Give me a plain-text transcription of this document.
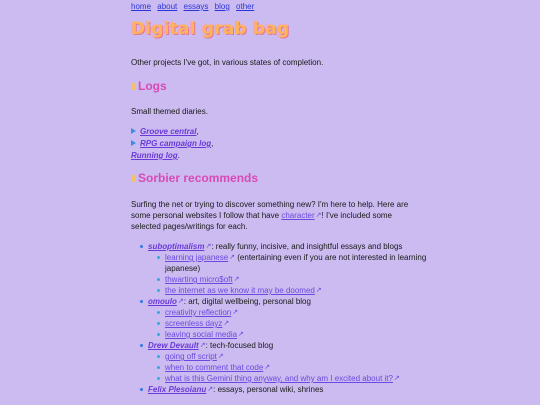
home about essays blog other
Digital grab bag
Other projects I've got, in various states of completion.
Logs
Small themed diaries.
Groove central,
RPG campaign log,
Running log.
Sorbier recommends
Surfing the net or trying to discover something new? I'm here to help. Here are some personal websites I follow that have character↗! I've included some selected pages/writings for each.
suboptimalism↗: really funny, incisive, and insightful essays and blogs
learning japanese↗ (entertaining even if you are not interested in learning japanese)
thwarting micro$oft↗
the internet as we know it may be doomed↗
omoulo↗: art, digital wellbeing, personal blog
creativity reflection↗
screenless dayz↗
leaving social media↗
Drew Devault↗: tech-focused blog
going off script↗
when to comment that code↗
what is this Gemini thing anyway, and why am I excited about it?↗
Felix Plesoianu↗: essays, personal wiki, shrines
